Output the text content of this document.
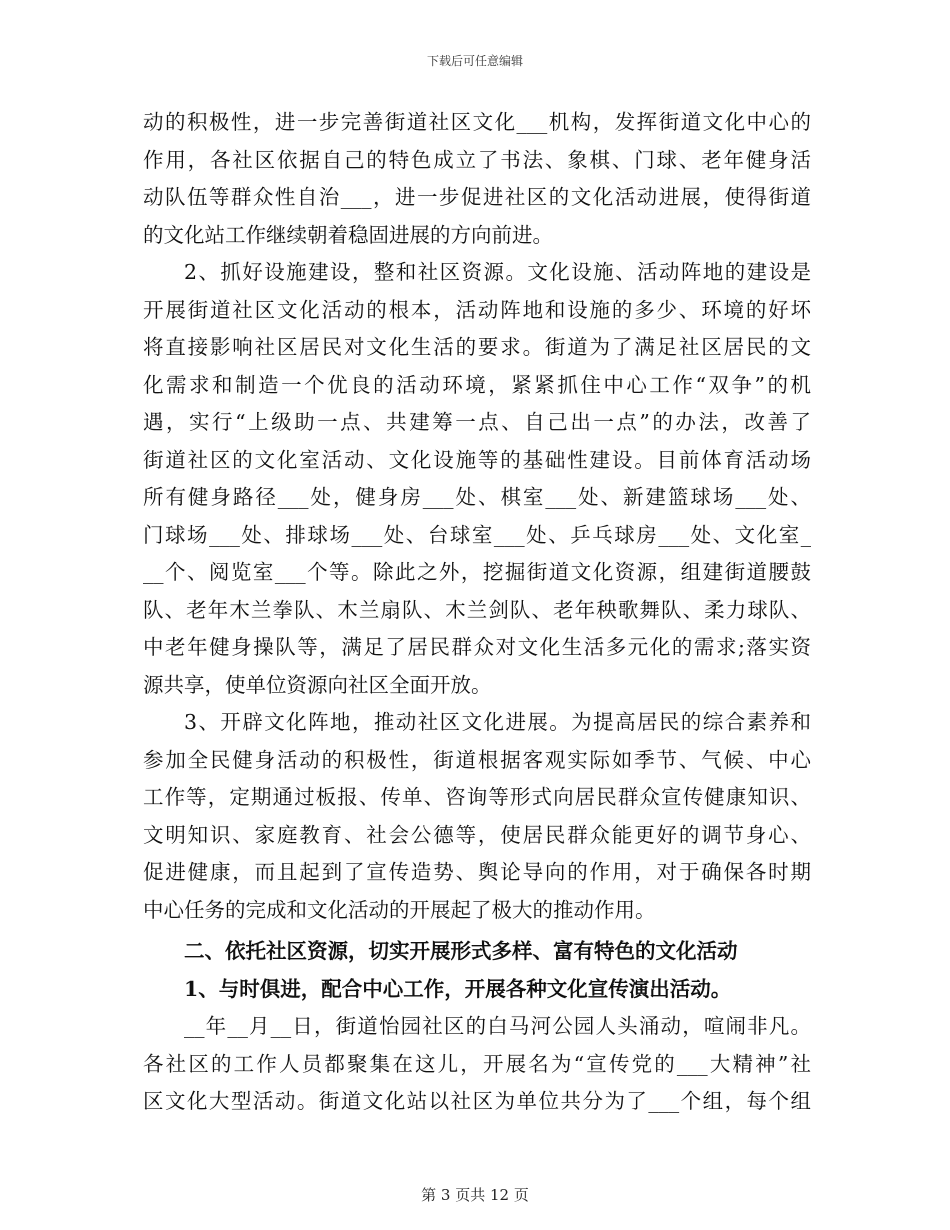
下载后可任意编辑
动的积极性，进一步完善街道社区文化___机构，发挥街道文化中心的
作用，各社区依据自己的特色成立了书法、象棋、门球、老年健身活
动队伍等群众性自治___，进一步促进社区的文化活动进展，使得街道
的文化站工作继续朝着稳固进展的方向前进。
2、抓好设施建设，整和社区资源。文化设施、活动阵地的建设是
开展街道社区文化活动的根本，活动阵地和设施的多少、环境的好坏
将直接影响社区居民对文化生活的要求。街道为了满足社区居民的文
化需求和制造一个优良的活动环境，紧紧抓住中心工作“双争”的机
遇，实行“上级助一点、共建筹一点、自己出一点”的办法，改善了
街道社区的文化室活动、文化设施等的基础性建设。目前体育活动场
所有健身路径___处，健身房___处、棋室___处、新建篮球场___处、
门球场___处、排球场___处、台球室___处、乒乓球房___处、文化室_
__个、阅览室___个等。除此之外，挖掘街道文化资源，组建街道腰鼓
队、老年木兰拳队、木兰扇队、木兰剑队、老年秧歌舞队、柔力球队、
中老年健身操队等，满足了居民群众对文化生活多元化的需求;落实资
源共享，使单位资源向社区全面开放。
3、开辟文化阵地，推动社区文化进展。为提高居民的综合素养和
参加全民健身活动的积极性，街道根据客观实际如季节、气候、中心
工作等，定期通过板报、传单、咨询等形式向居民群众宣传健康知识、
文明知识、家庭教育、社会公德等，使居民群众能更好的调节身心、
促进健康，而且起到了宣传造势、舆论导向的作用，对于确保各时期
中心任务的完成和文化活动的开展起了极大的推动作用。
二、依托社区资源，切实开展形式多样、富有特色的文化活动
1、与时俱进，配合中心工作，开展各种文化宣传演出活动。
__年__月__日，街道怡园社区的白马河公园人头涌动，喧闹非凡。
各社区的工作人员都聚集在这儿，开展名为“宣传党的___大精神”社
区文化大型活动。街道文化站以社区为单位共分为了___个组，每个组
第 3 页共 12 页
